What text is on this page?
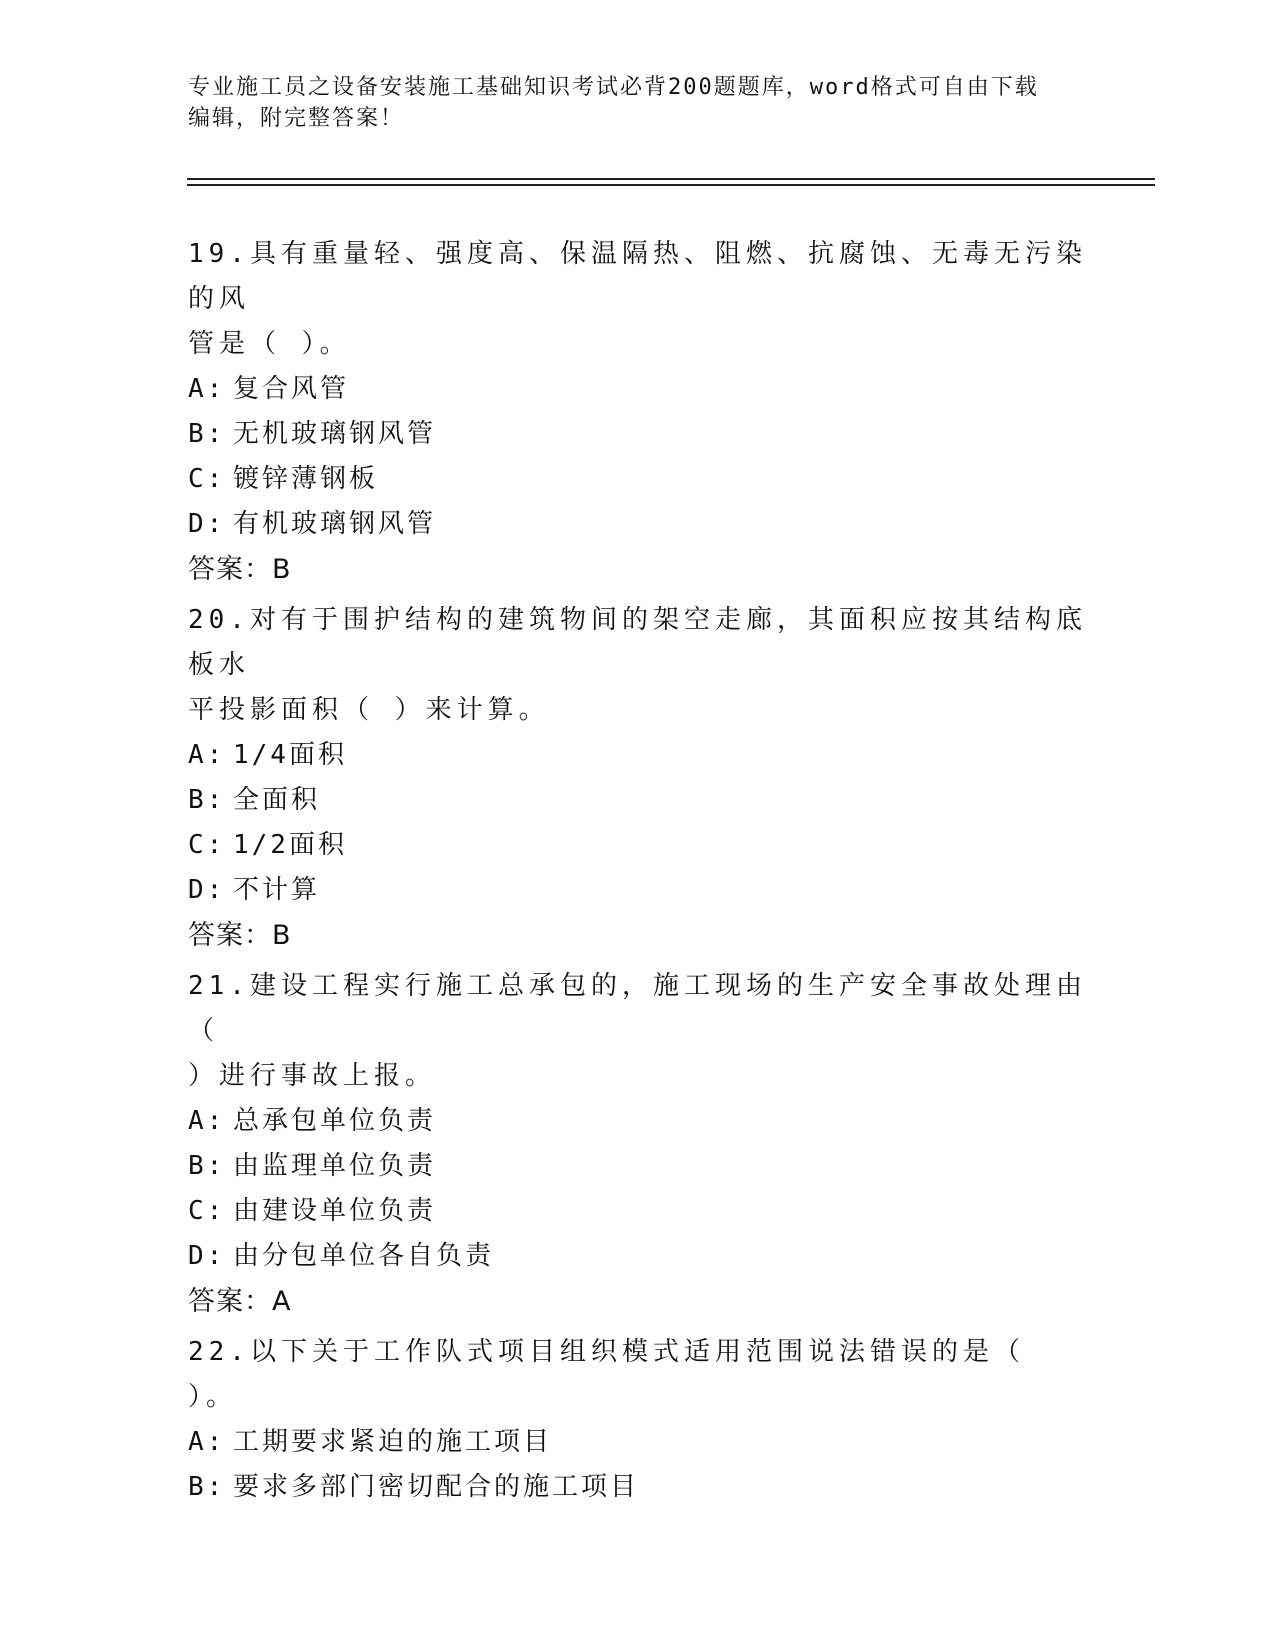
专业施工员之设备安装施工基础知识考试必背200题题库，word格式可自由下载
编辑，附完整答案！

19.具有重量轻、强度高、保温隔热、阻燃、抗腐蚀、无毒无污染的风

管是（ ）。

A: 复合风管
B: 无机玻璃钢风管
C: 镀锌薄钢板
D: 有机玻璃钢风管
答案：B

20.对有于围护结构的建筑物间的架空走廊，其面积应按其结构底板水

平投影面积（ ）来计算。

A: 1/4面积
B: 全面积
C: 1/2面积
D: 不计算
答案：B

21.建设工程实行施工总承包的，施工现场的生产安全事故处理由（

）进行事故上报。

A: 总承包单位负责
B: 由监理单位负责
C: 由建设单位负责
D: 由分包单位各自负责
答案：A

22.以下关于工作队式项目组织模式适用范围说法错误的是（ ）。

A: 工期要求紧迫的施工项目
B: 要求多部门密切配合的施工项目
